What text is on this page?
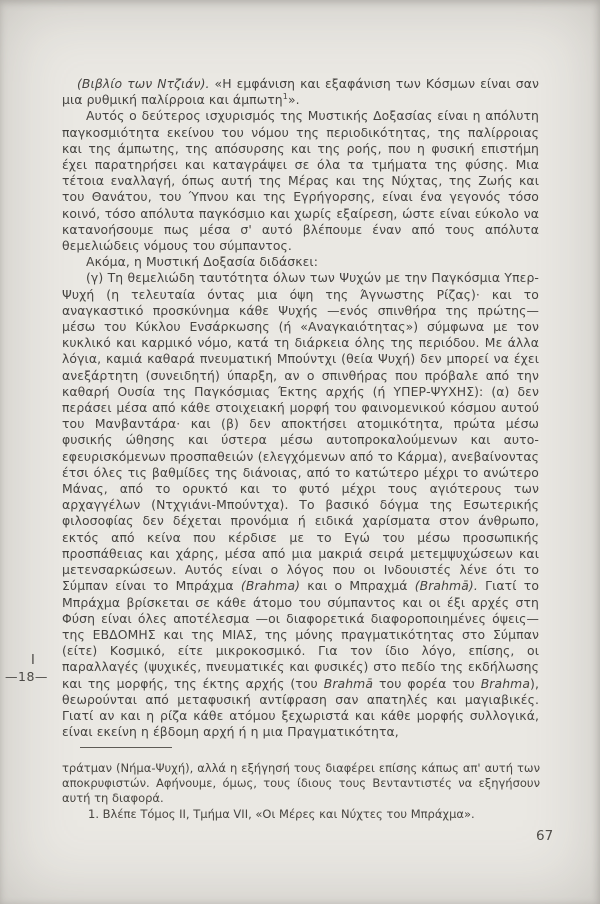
I
—18—

(Βιβλίο των Ντζιάν). «Η εμφάνιση και εξαφάνιση των Κόσμων είναι σαν μια ρυθμική παλίρροια και άμπωτη$^1$».

Αυτός ο δεύτερος ισχυρισμός της Μυστικής Δοξασίας είναι η απόλυτη παγκοσμιότητα εκείνου του νόμου της περιοδικότητας, της παλίρροιας και της άμπωτης, της απόσυρσης και της ροής, που η φυσική επιστήμη έχει παρατηρήσει και καταγράψει σε όλα τα τμήματα της φύσης. Μια τέτοια εναλλαγή, όπως αυτή της Μέρας και της Νύχτας, της Ζωής και του Θανάτου, του Ύπνου και της Εγρήγορσης, είναι ένα γεγονός τόσο κοινό, τόσο απόλυτα παγκόσμιο και χωρίς εξαίρεση, ώστε είναι εύκολο να κατανοήσουμε πως μέσα σ' αυτό βλέπουμε έναν από τους απόλυτα θεμελιώδεις νόμους του σύμπαντος.

Ακόμα, η Μυστική Δοξασία διδάσκει:

(γ) Τη θεμελιώδη ταυτότητα όλων των Ψυχών με την Παγκόσμια Υπερ-Ψυχή (η τελευταία όντας μια όψη της Άγνωστης Ρίζας)· και το αναγκαστικό προσκύνημα κάθε Ψυχής —ενός σπινθήρα της πρώτης— μέσω του Κύκλου Ενσάρκωσης (ή «Αναγκαιότητας») σύμφωνα με τον κυκλικό και καρμικό νόμο, κατά τη διάρκεια όλης της περιόδου. Με άλλα λόγια, καμιά καθαρά πνευματική Μπούντχι (θεία Ψυχή) δεν μπορεί να έχει ανεξάρτητη (συνειδητή) ύπαρξη, αν ο σπινθήρας που πρόβαλε από την καθαρή Ουσία της Παγκόσμιας Έκτης αρχής (ή ΥΠΕΡ-ΨΥΧΗΣ): (α) δεν περάσει μέσα από κάθε στοιχειακή μορφή του φαινομενικού κόσμου αυτού του Μανβαντάρα· και (β) δεν αποκτήσει ατομικότητα, πρώτα μέσω φυσικής ώθησης και ύστερα μέσω αυτοπροκαλούμενων και αυτο-εφευρισκόμενων προσπαθειών (ελεγχόμενων από το Κάρμα), ανεβαίνοντας έτσι όλες τις βαθμίδες της διάνοιας, από το κατώτερο μέχρι το ανώτερο Μάνας, από το ορυκτό και το φυτό μέχρι τους αγιότερους των αρχαγγέλων (Ντχγιάνι-Μπούντχα). Το βασικό δόγμα της Εσωτερικής φιλοσοφίας δεν δέχεται προνόμια ή ειδικά χαρίσματα στον άνθρωπο, εκτός από κείνα που κέρδισε με το Εγώ του μέσω προσωπικής προσπάθειας και χάρης, μέσα από μια μακριά σειρά μετεμψυχώσεων και μετενσαρκώσεων. Αυτός είναι ο λόγος που οι Ινδουιστές λένε ότι το Σύμπαν είναι το Μπράχμα (Brahma) και ο Μπραχμά (Brahmā). Γιατί το Μπράχμα βρίσκεται σε κάθε άτομο του σύμπαντος και οι έξι αρχές στη Φύση είναι όλες αποτέλεσμα —οι διαφορετικά διαφοροποιημένες όψεις— της ΕΒΔΟΜΗΣ και της ΜΙΑΣ, της μόνης πραγματικότητας στο Σύμπαν (είτε) Κοσμικό, είτε μικροκοσμικό. Για τον ίδιο λόγο, επίσης, οι παραλλαγές (ψυχικές, πνευματικές και φυσικές) στο πεδίο της εκδήλωσης και της μορφής, της έκτης αρχής (του Brahmā του φορέα του Brahma), θεωρούνται από μεταφυσική αντίφραση σαν απατηλές και μαγιαβικές. Γιατί αν και η ρίζα κάθε ατόμου ξεχωριστά και κάθε μορφής συλλογικά, είναι εκείνη η έβδομη αρχή ή η μια Πραγματικότητα,

τράτμαν (Νήμα-Ψυχή), αλλά η εξήγησή τους διαφέρει επίσης κάπως απ' αυτή των αποκρυφιστών. Αφήνουμε, όμως, τους ίδιους τους Βενταντιστές να εξηγήσουν αυτή τη διαφορά.

1. Βλέπε Τόμος ΙΙ, Τμήμα VII, «Οι Μέρες και Νύχτες του Μπράχμα».

67
